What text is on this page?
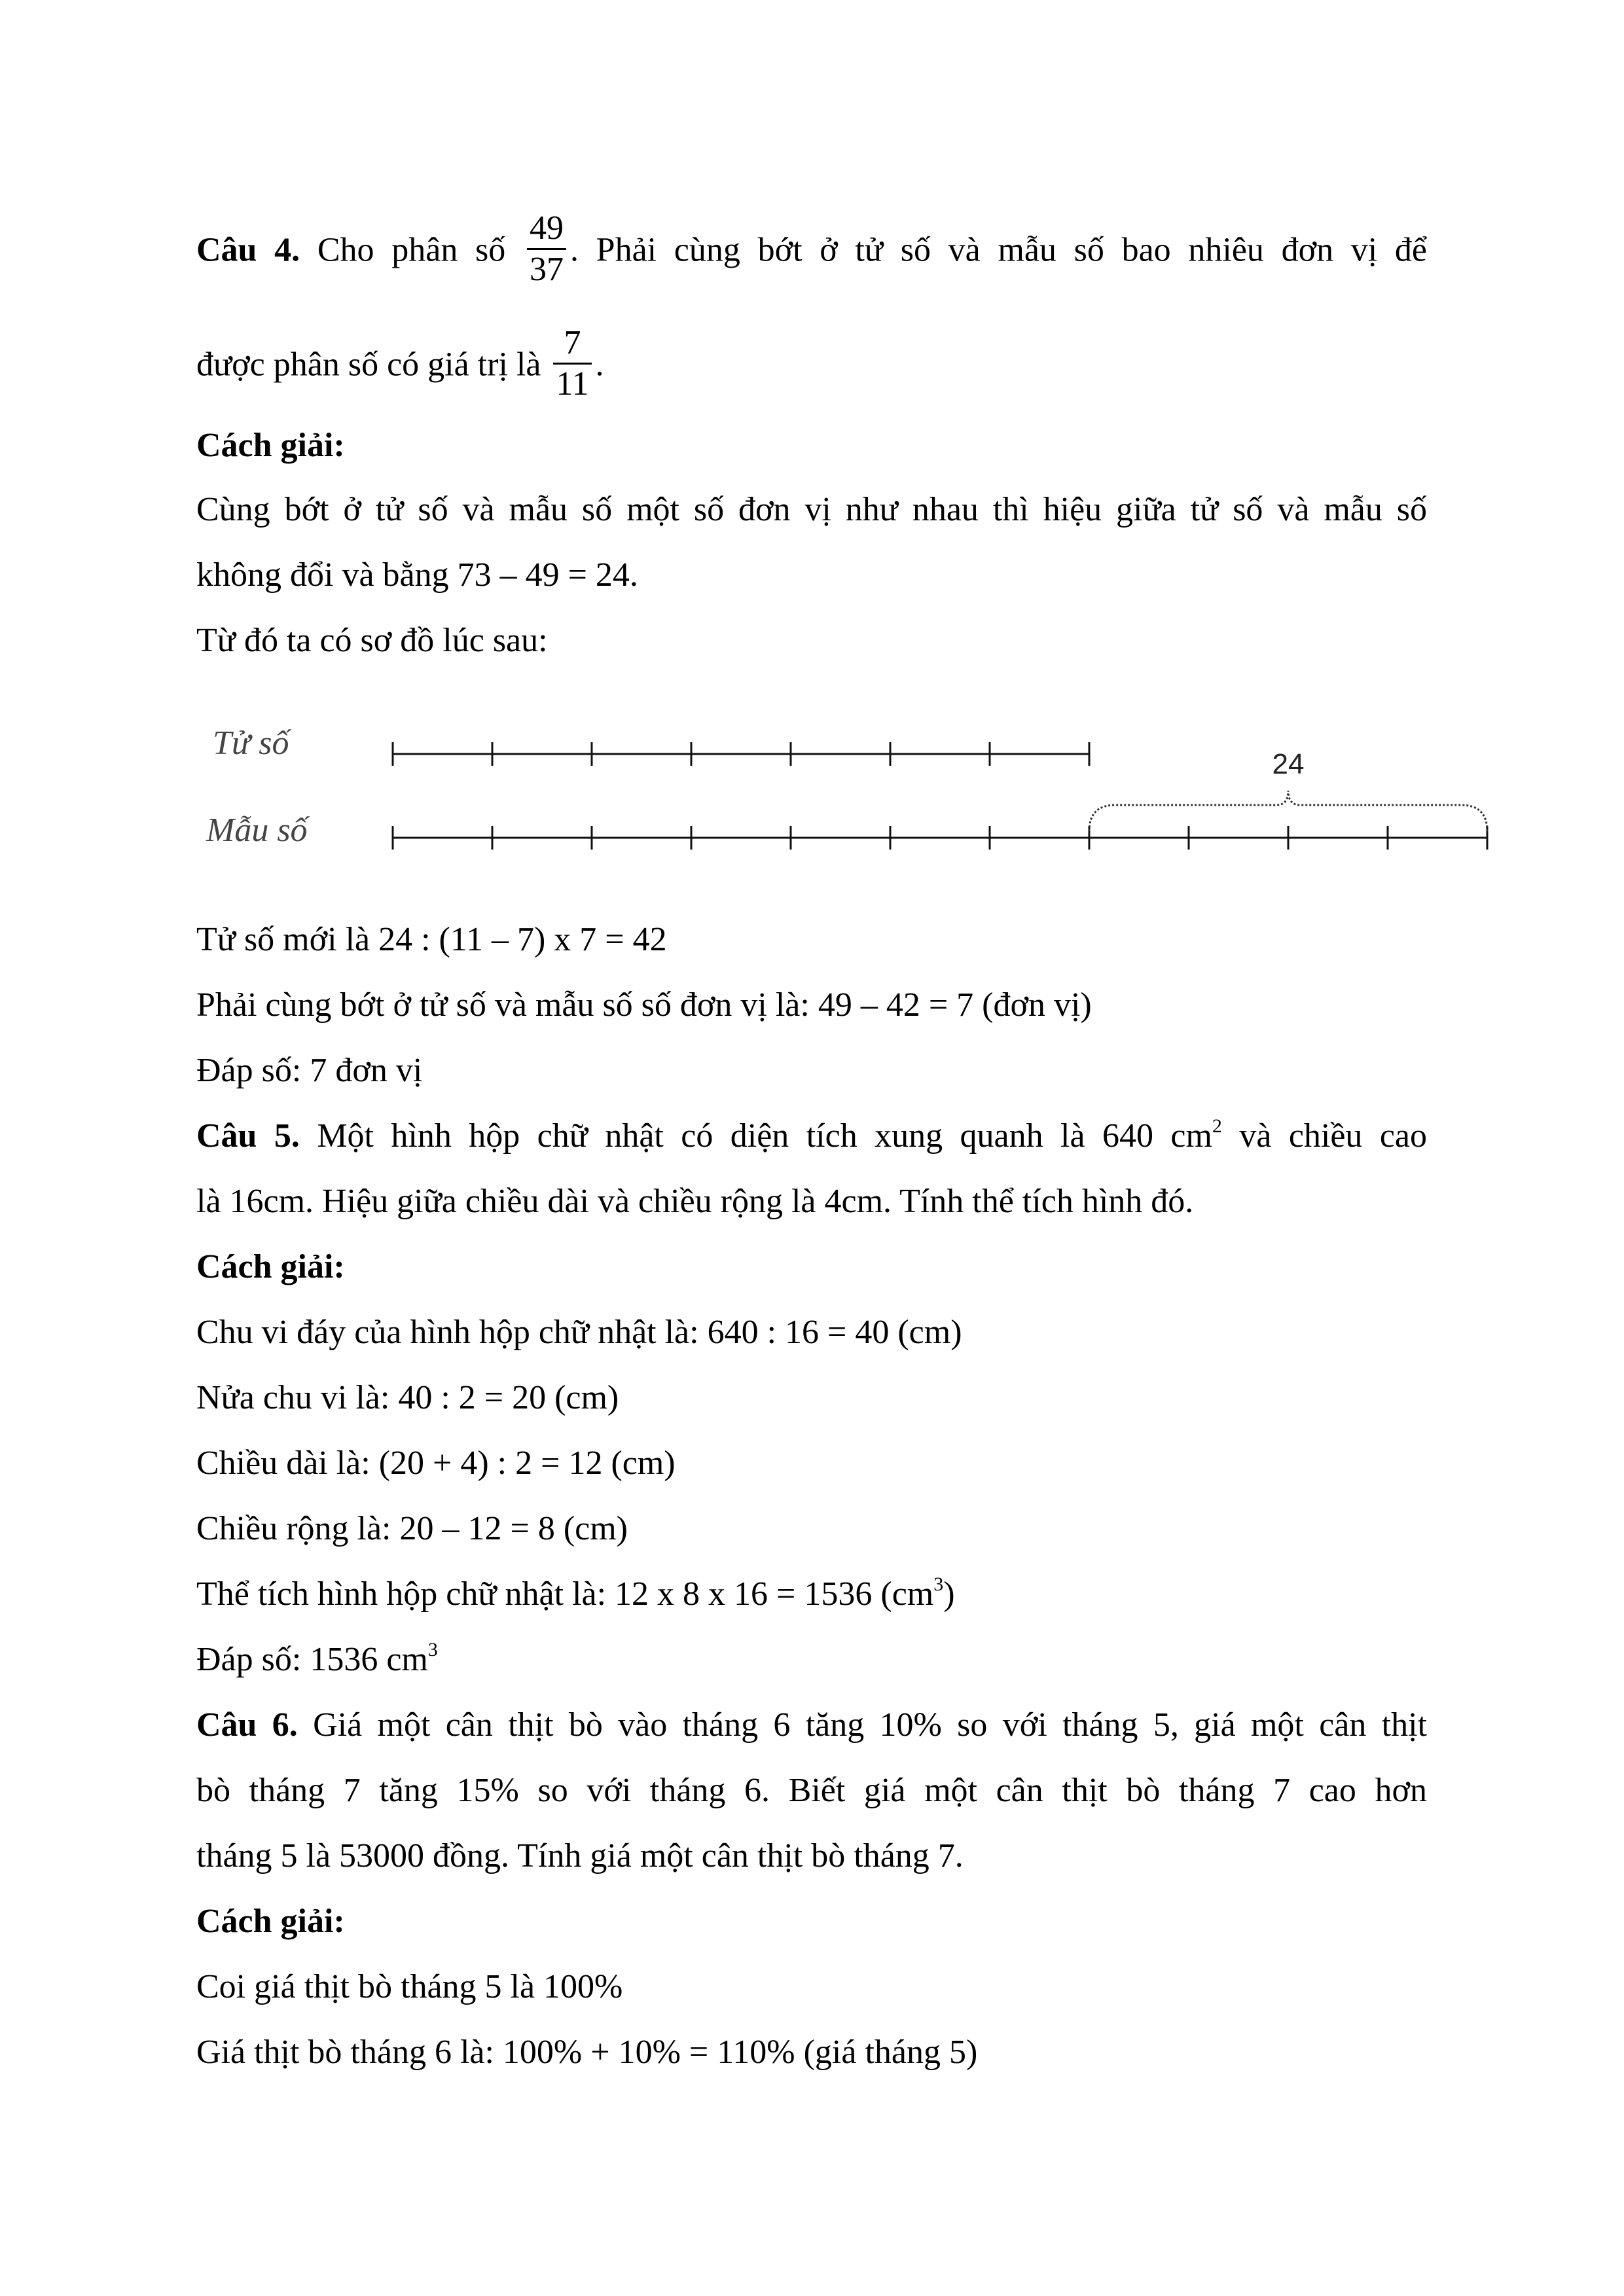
Câu 4. Cho phân số $\frac{49}{37}$ . Phải cùng bớt ở tử số và mẫu số bao nhiêu đơn vị để
được phân số có giá trị là $\frac{7}{11}$ .
Cách giải:
Cùng bớt ở tử số và mẫu số một số đơn vị như nhau thì hiệu giữa tử số và mẫu số
không đổi và bằng 73 – 49 = 24.
Từ đó ta có sơ đồ lúc sau:
Tử số
Mẫu số
24
Tử số mới là 24 : (11 – 7) x 7 = 42
Phải cùng bớt ở tử số và mẫu số số đơn vị là: 49 – 42 = 7 (đơn vị)
Đáp số: 7 đơn vị
Câu 5. Một hình hộp chữ nhật có diện tích xung quanh là 640 $cm^2$ và chiều cao
là 16cm. Hiệu giữa chiều dài và chiều rộng là 4cm. Tính thể tích hình đó.
Cách giải:
Chu vi đáy của hình hộp chữ nhật là: 640 : 16 = 40 (cm)
Nửa chu vi là: 40 : 2 = 20 (cm)
Chiều dài là: (20 + 4) : 2 = 12 (cm)
Chiều rộng là: 20 – 12 = 8 (cm)
Thể tích hình hộp chữ nhật là: 12 x 8 x 16 = 1536 $(cm^3)$
Đáp số: 1536 $cm^3$
Câu 6. Giá một cân thịt bò vào tháng 6 tăng 10% so với tháng 5, giá một cân thịt
bò tháng 7 tăng 15% so với tháng 6. Biết giá một cân thịt bò tháng 7 cao hơn
tháng 5 là 53000 đồng. Tính giá một cân thịt bò tháng 7.
Cách giải:
Coi giá thịt bò tháng 5 là 100%
Giá thịt bò tháng 6 là: 100% + 10% = 110% (giá tháng 5)
